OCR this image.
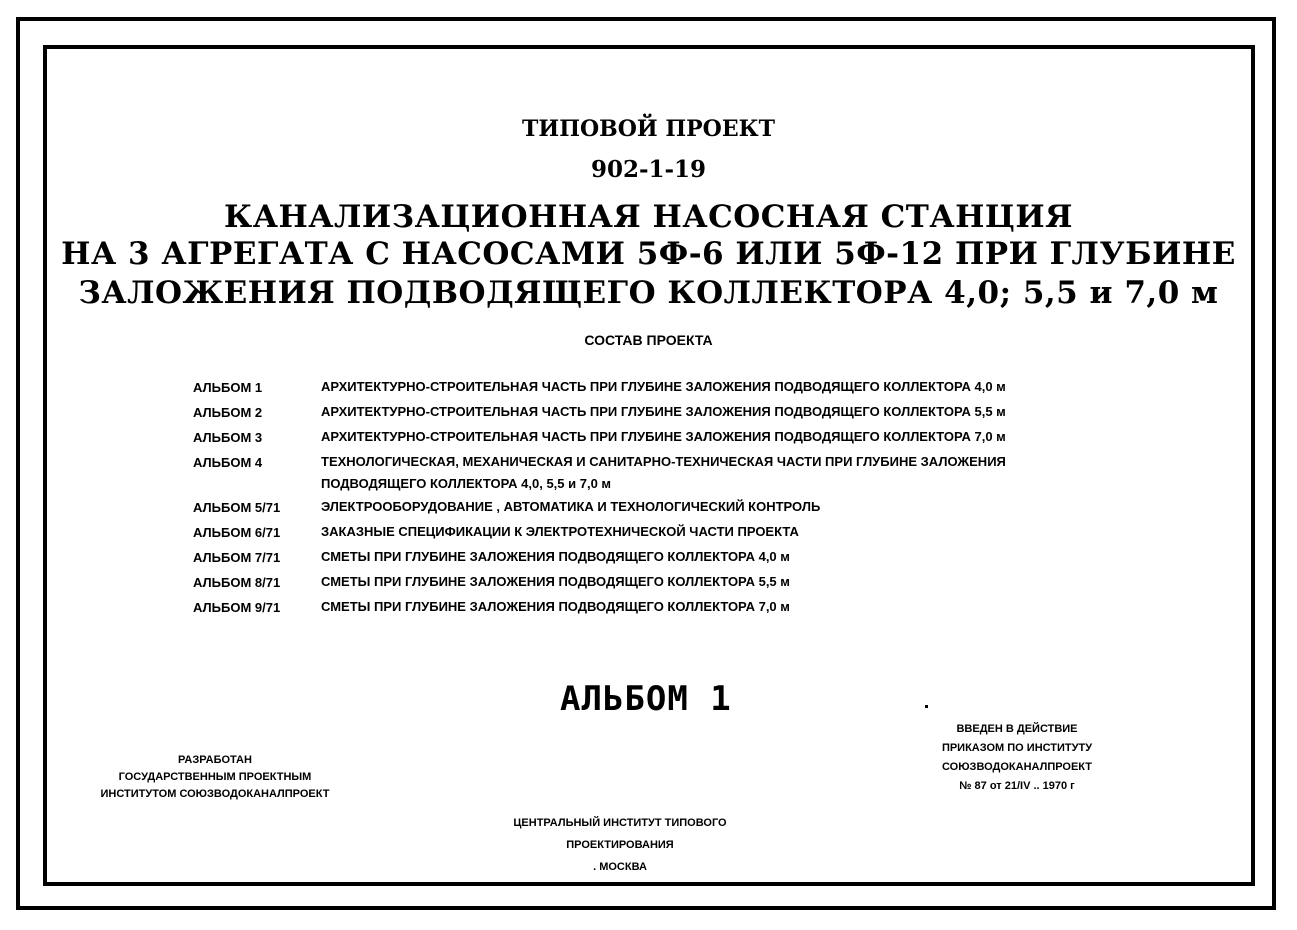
ТИПОВОЙ ПРОЕКТ
902-1-19
КАНАЛИЗАЦИОННАЯ НАСОСНАЯ СТАНЦИЯ
НА 3 АГРЕГАТА С НАСОСАМИ 5Ф-6 ИЛИ 5Ф-12 ПРИ ГЛУБИНЕ
ЗАЛОЖЕНИЯ ПОДВОДЯЩЕГО КОЛЛЕКТОРА 4,0; 5,5 и 7,0 м
СОСТАВ ПРОЕКТА
АЛЬБОМ 1	АРХИТЕКТУРНО-СТРОИТЕЛЬНАЯ ЧАСТЬ ПРИ ГЛУБИНЕ ЗАЛОЖЕНИЯ ПОДВОДЯЩЕГО КОЛЛЕКТОРА 4,0 м
АЛЬБОМ 2	АРХИТЕКТУРНО-СТРОИТЕЛЬНАЯ ЧАСТЬ ПРИ ГЛУБИНЕ ЗАЛОЖЕНИЯ ПОДВОДЯЩЕГО КОЛЛЕКТОРА 5,5 м
АЛЬБОМ 3	АРХИТЕКТУРНО-СТРОИТЕЛЬНАЯ ЧАСТЬ ПРИ ГЛУБИНЕ ЗАЛОЖЕНИЯ ПОДВОДЯЩЕГО КОЛЛЕКТОРА 7,0 м
АЛЬБОМ 4	ТЕХНОЛОГИЧЕСКАЯ, МЕХАНИЧЕСКАЯ И САНИТАРНО-ТЕХНИЧЕСКАЯ ЧАСТИ ПРИ ГЛУБИНЕ ЗАЛОЖЕНИЯ
ПОДВОДЯЩЕГО КОЛЛЕКТОРА 4,0, 5,5 и 7,0 м
АЛЬБОМ 5/71	ЭЛЕКТРООБОРУДОВАНИЕ , АВТОМАТИКА И ТЕХНОЛОГИЧЕСКИЙ КОНТРОЛЬ
АЛЬБОМ 6/71	ЗАКАЗНЫЕ СПЕЦИФИКАЦИИ К ЭЛЕКТРОТЕХНИЧЕСКОЙ ЧАСТИ ПРОЕКТА
АЛЬБОМ 7/71	СМЕТЫ ПРИ ГЛУБИНЕ ЗАЛОЖЕНИЯ ПОДВОДЯЩЕГО КОЛЛЕКТОРА 4,0 м
АЛЬБОМ 8/71	СМЕТЫ ПРИ ГЛУБИНЕ ЗАЛОЖЕНИЯ ПОДВОДЯЩЕГО КОЛЛЕКТОРА 5,5 м
АЛЬБОМ 9/71	СМЕТЫ ПРИ ГЛУБИНЕ ЗАЛОЖЕНИЯ ПОДВОДЯЩЕГО КОЛЛЕКТОРА 7,0 м
АЛЬБОМ 1
РАЗРАБОТАН
ГОСУДАРСТВЕННЫМ ПРОЕКТНЫМ
ИНСТИТУТОМ СОЮЗВОДОКАНАЛПРОЕКТ
ВВЕДЕН В ДЕЙСТВИЕ
ПРИКАЗОМ ПО ИНСТИТУТУ
СОЮЗВОДОКАНАЛПРОЕКТ
№ 87 от 21/IV .. 1970 г
ЦЕНТРАЛЬНЫЙ ИНСТИТУТ ТИПОВОГО ПРОЕКТИРОВАНИЯ
. МОСКВА
